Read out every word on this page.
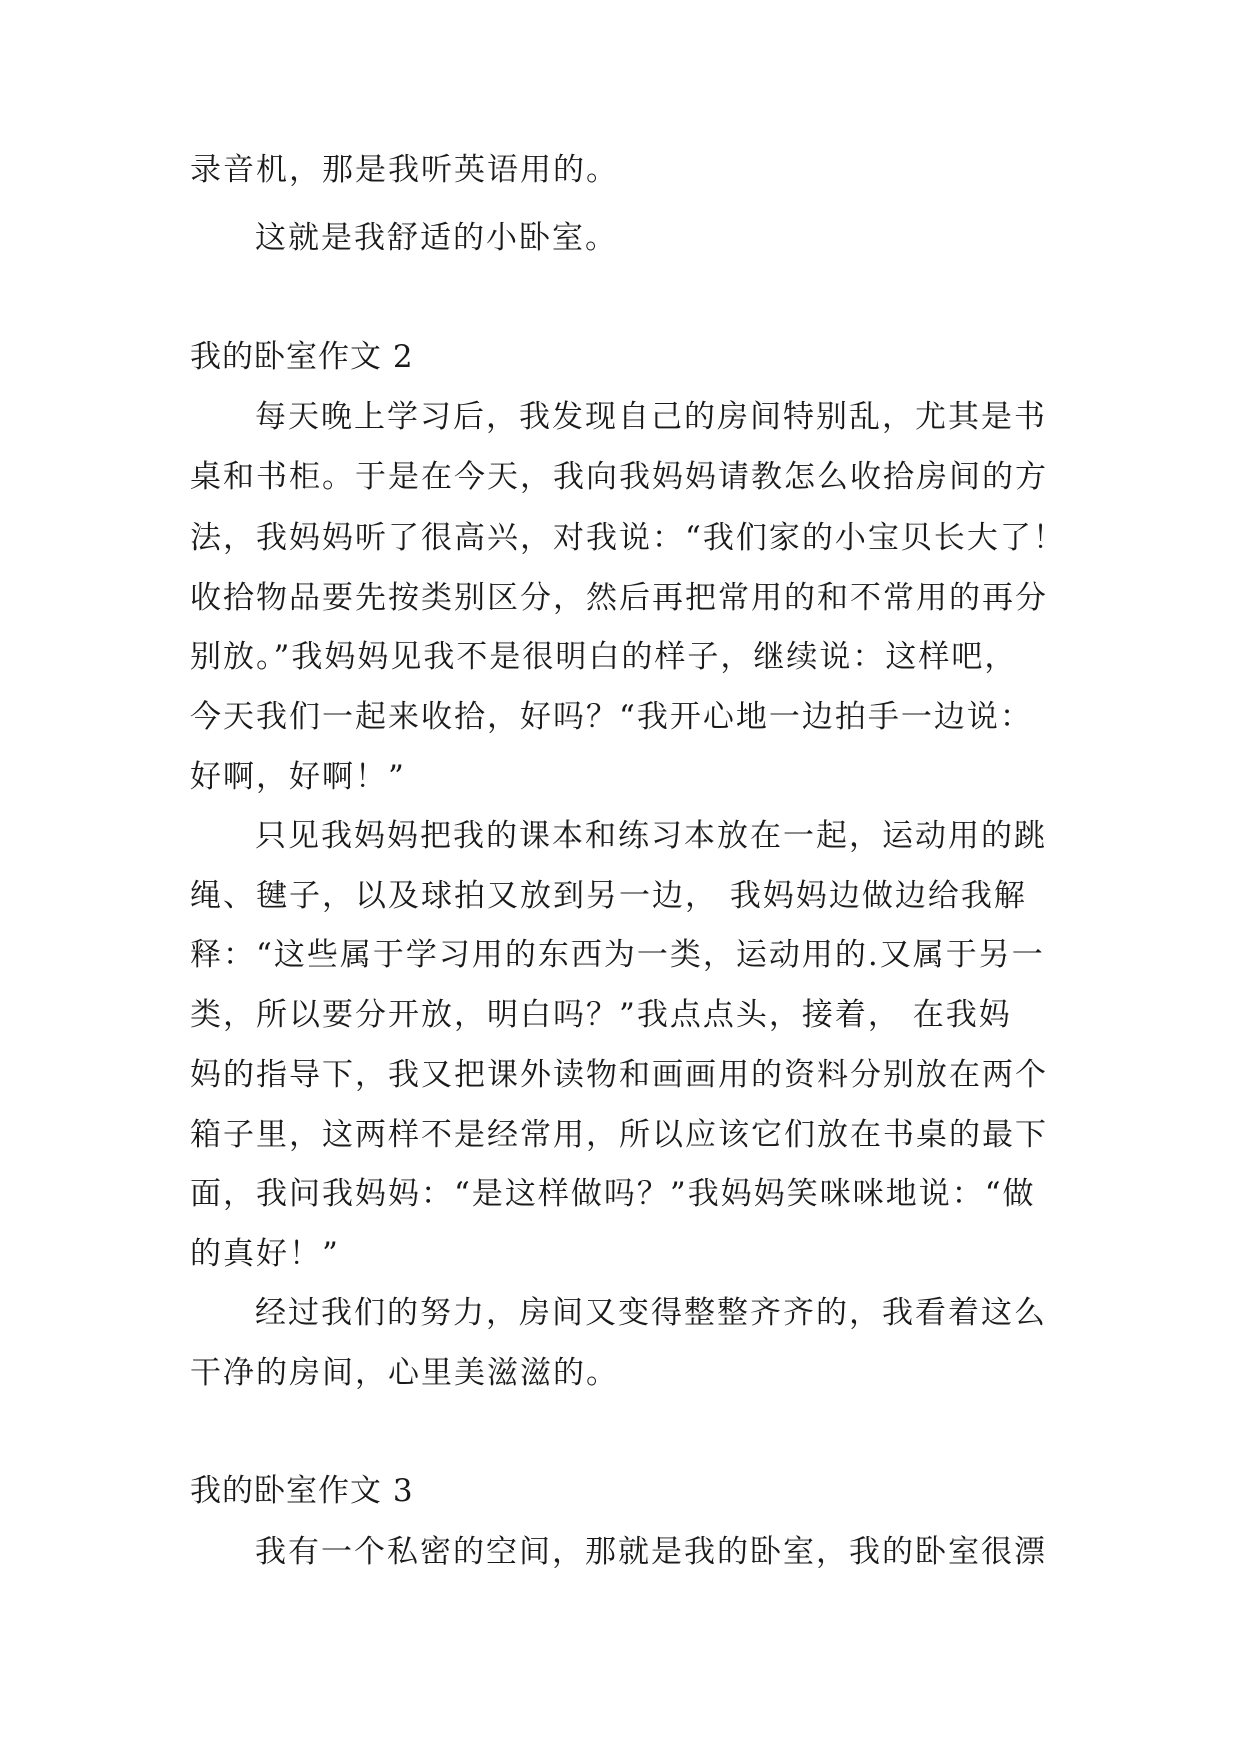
录音机，那是我听英语用的。
这就是我舒适的小卧室。
我的卧室作文 2
每天晚上学习后，我发现自己的房间特别乱，尤其是书
桌和书柜。于是在今天，我向我妈妈请教怎么收拾房间的方
法，我妈妈听了很高兴，对我说：“我们家的小宝贝长大了！
收拾物品要先按类别区分，然后再把常用的和不常用的再分
别放。”我妈妈见我不是很明白的样子，继续说：这样吧，
今天我们一起来收拾，好吗？“我开心地一边拍手一边说：
好啊，好啊！”
只见我妈妈把我的课本和练习本放在一起，运动用的跳
绳、毽子，以及球拍又放到另一边， 我妈妈边做边给我解
释：“这些属于学习用的东西为一类，运动用的.又属于另一
类，所以要分开放，明白吗？”我点点头，接着， 在我妈
妈的指导下，我又把课外读物和画画用的资料分别放在两个
箱子里，这两样不是经常用，所以应该它们放在书桌的最下
面，我问我妈妈：“是这样做吗？”我妈妈笑咪咪地说：“做
的真好！”
经过我们的努力，房间又变得整整齐齐的，我看着这么
干净的房间，心里美滋滋的。
我的卧室作文 3
我有一个私密的空间，那就是我的卧室，我的卧室很漂
